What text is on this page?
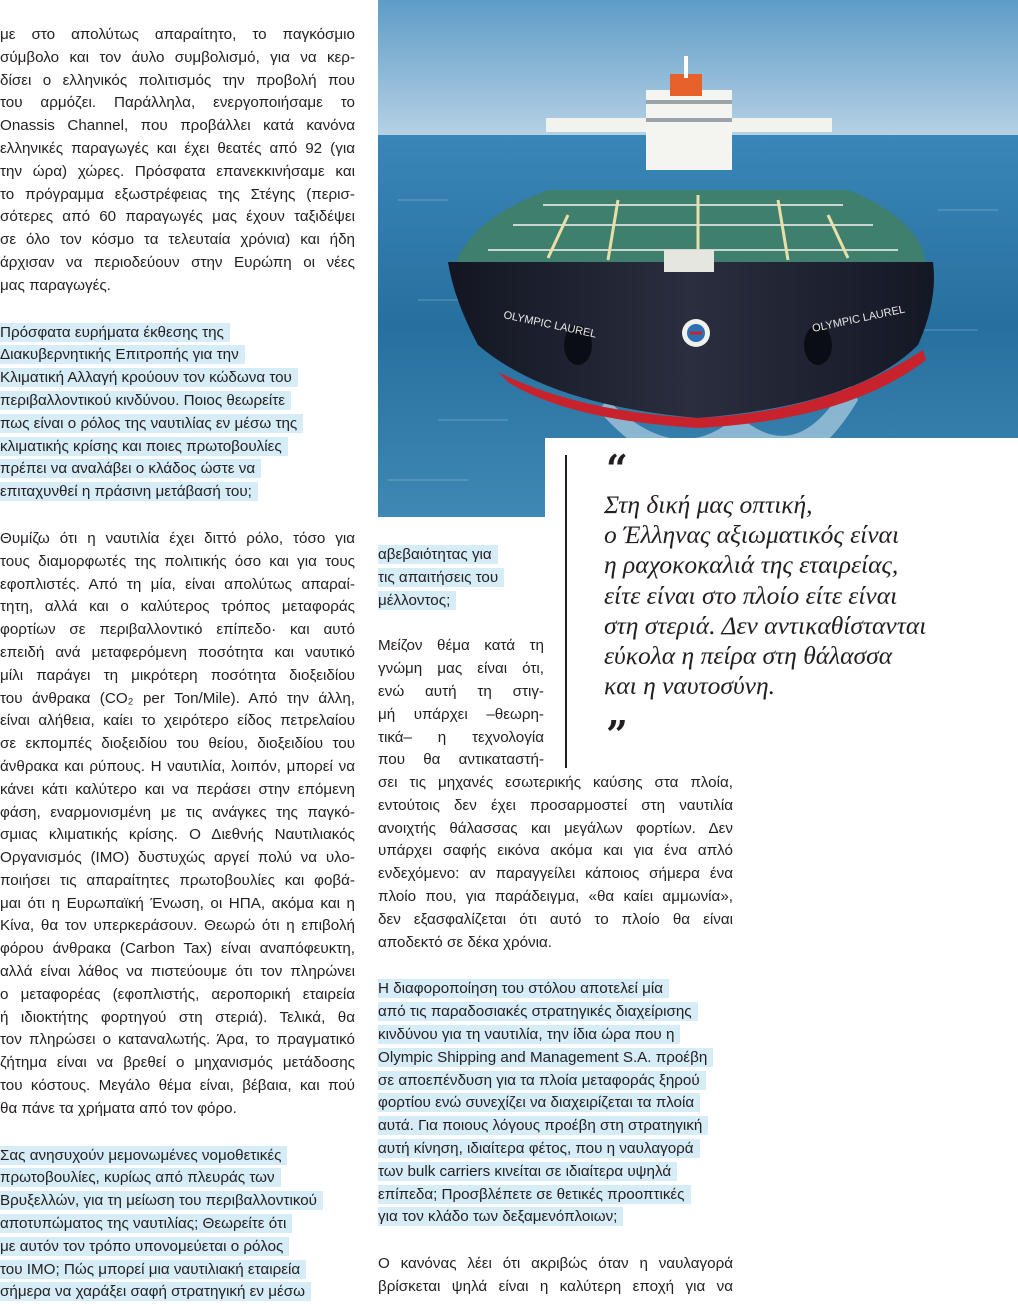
με στο απολύτως απαραίτητο, το παγκόσμιο
σύμβολο και τον άυλο συμβολισμό, για να κερ-
δίσει ο ελληνικός πολιτισμός την προβολή που
του αρμόζει. Παράλληλα, ενεργοποιήσαμε το
Onassis Channel, που προβάλλει κατά κανόνα
ελληνικές παραγωγές και έχει θεατές από 92 (για
την ώρα) χώρες. Πρόσφατα επανεκκινήσαμε και
το πρόγραμμα εξωστρέφειας της Στέγης (περισ-
σότερες από 60 παραγωγές μας έχουν ταξιδέψει
σε όλο τον κόσμο τα τελευταία χρόνια) και ήδη
άρχισαν να περιοδεύουν στην Ευρώπη οι νέες
μας παραγωγές.

Πρόσφατα ευρήματα έκθεσης της
Διακυβερνητικής Επιτροπής για την
Κλιματική Αλλαγή κρούουν τον κώδωνα του
περιβαλλοντικού κινδύνου. Ποιος θεωρείτε
πως είναι ο ρόλος της ναυτιλίας εν μέσω της
κλιματικής κρίσης και ποιες πρωτοβουλίες
πρέπει να αναλάβει ο κλάδος ώστε να
επιταχυνθεί η πράσινη μετάβασή του;

Θυμίζω ότι η ναυτιλία έχει διττό ρόλο, τόσο για
τους διαμορφωτές της πολιτικής όσο και για τους
εφοπλιστές. Από τη μία, είναι απολύτως απαραί-
τητη, αλλά και ο καλύτερος τρόπος μεταφοράς
φορτίων σε περιβαλλοντικό επίπεδο· και αυτό
επειδή ανά μεταφερόμενη ποσότητα και ναυτικό
μίλι παράγει τη μικρότερη ποσότητα διοξειδίου
του άνθρακα (CO₂ per Ton/Mile). Από την άλλη,
είναι αλήθεια, καίει το χειρότερο είδος πετρελαίου
σε εκπομπές διοξειδίου του θείου, διοξειδίου του
άνθρακα και ρύπους. Η ναυτιλία, λοιπόν, μπορεί να
κάνει κάτι καλύτερο και να περάσει στην επόμενη
φάση, εναρμονισμένη με τις ανάγκες της παγκό-
σμιας κλιματικής κρίσης. Ο Διεθνής Ναυτιλιακός
Οργανισμός (IMO) δυστυχώς αργεί πολύ να υλο-
ποιήσει τις απαραίτητες πρωτοβουλίες και φοβά-
μαι ότι η Ευρωπαϊκή Ένωση, οι ΗΠΑ, ακόμα και η
Κίνα, θα τον υπερκεράσουν. Θεωρώ ότι η επιβολή
φόρου άνθρακα (Carbon Tax) είναι αναπόφευκτη,
αλλά είναι λάθος να πιστεύουμε ότι τον πληρώνει
ο μεταφορέας (εφοπλιστής, αεροπορική εταιρεία
ή ιδιοκτήτης φορτηγού στη στεριά). Τελικά, θα
τον πληρώσει ο καταναλωτής. Άρα, το πραγματικό
ζήτημα είναι να βρεθεί ο μηχανισμός μετάδοσης
του κόστους. Μεγάλο θέμα είναι, βέβαια, και πού
θα πάνε τα χρήματα από τον φόρο.

Σας ανησυχούν μεμονωμένες νομοθετικές
πρωτοβουλίες, κυρίως από πλευράς των
Βρυξελλών, για τη μείωση του περιβαλλοντικού
αποτυπώματος της ναυτιλίας; Θεωρείτε ότι
με αυτόν τον τρόπο υπονομεύεται ο ρόλος
του IMO; Πώς μπορεί μια ναυτιλιακή εταιρεία
σήμερα να χαράξει σαφή στρατηγική εν μέσω

OLYMPIC LAUREL	OLYMPIC LAUREL
“
Στη δική μας οπτική,
ο Έλληνας αξιωματικός είναι
η ραχοκοκαλιά της εταιρείας,
είτε είναι στο πλοίο είτε είναι
στη στεριά. Δεν αντικαθίστανται
εύκολα η πείρα στη θάλασσα
και η ναυτοσύνη.
”

αβεβαιότητας για
τις απαιτήσεις του
μέλλοντος;

Μείζον θέμα κατά τη
γνώμη μας είναι ότι,
ενώ αυτή τη στιγ-
μή υπάρχει –θεωρη-
τικά– η τεχνολογία
που θα αντικαταστή-

σει τις μηχανές εσωτερικής καύσης στα πλοία,
εντούτοις δεν έχει προσαρμοστεί στη ναυτιλία
ανοιχτής θάλασσας και μεγάλων φορτίων. Δεν
υπάρχει σαφής εικόνα ακόμα και για ένα απλό
ενδεχόμενο: αν παραγγείλει κάποιος σήμερα ένα
πλοίο που, για παράδειγμα, «θα καίει αμμωνία»,
δεν εξασφαλίζεται ότι αυτό το πλοίο θα είναι
αποδεκτό σε δέκα χρόνια.

Η διαφοροποίηση του στόλου αποτελεί μία
από τις παραδοσιακές στρατηγικές διαχείρισης
κινδύνου για τη ναυτιλία, την ίδια ώρα που η
Olympic Shipping and Management S.A. προέβη
σε αποεπένδυση για τα πλοία μεταφοράς ξηρού
φορτίου ενώ συνεχίζει να διαχειρίζεται τα πλοία
αυτά. Για ποιους λόγους προέβη στη στρατηγική
αυτή κίνηση, ιδιαίτερα φέτος, που η ναυλαγορά
των bulk carriers κινείται σε ιδιαίτερα υψηλά
επίπεδα; Προσβλέπετε σε θετικές προοπτικές
για τον κλάδο των δεξαμενόπλοιων;

Ο κανόνας λέει ότι ακριβώς όταν η ναυλαγορά
βρίσκεται ψηλά είναι η καλύτερη εποχή για να
